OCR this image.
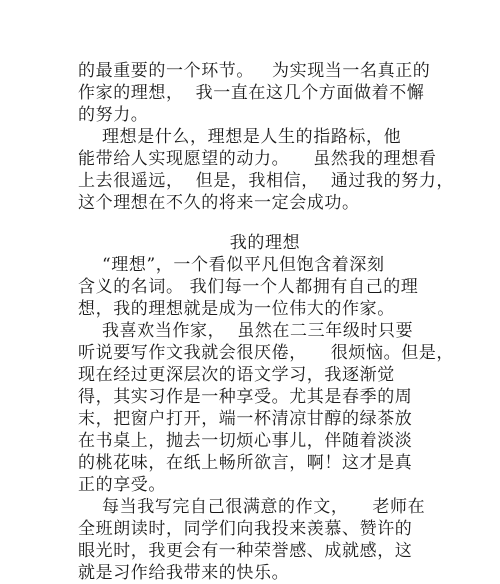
的最重要的一个环节。   为实现当一名真正的
作家的理想，  我一直在这几个方面做着不懈
的努力。
理想是什么，理想是人生的指路标，他
能带给人实现愿望的动力。    虽然我的理想看
上去很遥远，  但是，我相信，  通过我的努力，
这个理想在不久的将来一定会成功。
我的理想
“理想”，一个看似平凡但饱含着深刻
含义的名词。 我们每一个人都拥有自己的理
想，我的理想就是成为一位伟大的作家。
我喜欢当作家，  虽然在二三年级时只要
听说要写作文我就会很厌倦，    很烦恼。但是，
现在经过更深层次的语文学习，我逐渐觉
得，其实习作是一种享受。尤其是春季的周
末，把窗户打开，端一杯清凉甘醇的绿茶放
在书桌上，抛去一切烦心事儿，伴随着淡淡
的桃花味，在纸上畅所欲言，啊！这才是真
正的享受。
每当我写完自己很满意的作文，    老师在
全班朗读时，同学们向我投来羡慕、赞许的
眼光时，我更会有一种荣誉感、成就感，这
就是习作给我带来的快乐。
